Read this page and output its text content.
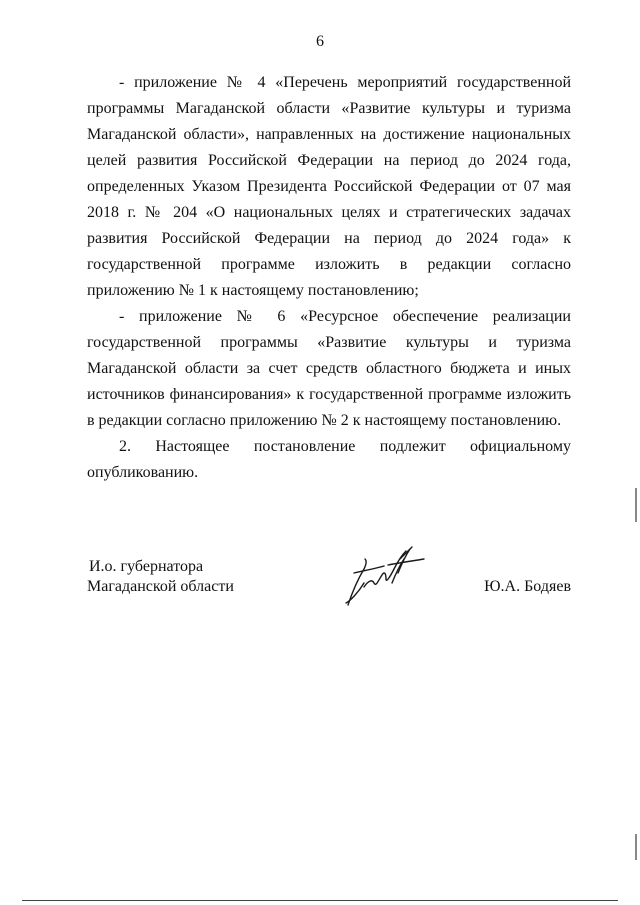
6

- приложение № 4 «Перечень мероприятий государственной программы Магаданской области «Развитие культуры и туризма Магаданской области», направленных на достижение национальных целей развития Российской Федерации на период до 2024 года, определенных Указом Президента Российской Федерации от 07 мая 2018 г. № 204 «О национальных целях и стратегических задачах развития Российской Федерации на период до 2024 года» к государственной программе изложить в редакции согласно приложению № 1 к настоящему постановлению;

- приложение № 6 «Ресурсное обеспечение реализации государственной программы «Развитие культуры и туризма Магаданской области за счет средств областного бюджета и иных источников финансирования» к государственной программе изложить в редакции согласно приложению № 2 к настоящему постановлению.

2. Настоящее постановление подлежит официальному опубликованию.

И.о. губернатора
Магаданской области	Ю.А. Бодяев
